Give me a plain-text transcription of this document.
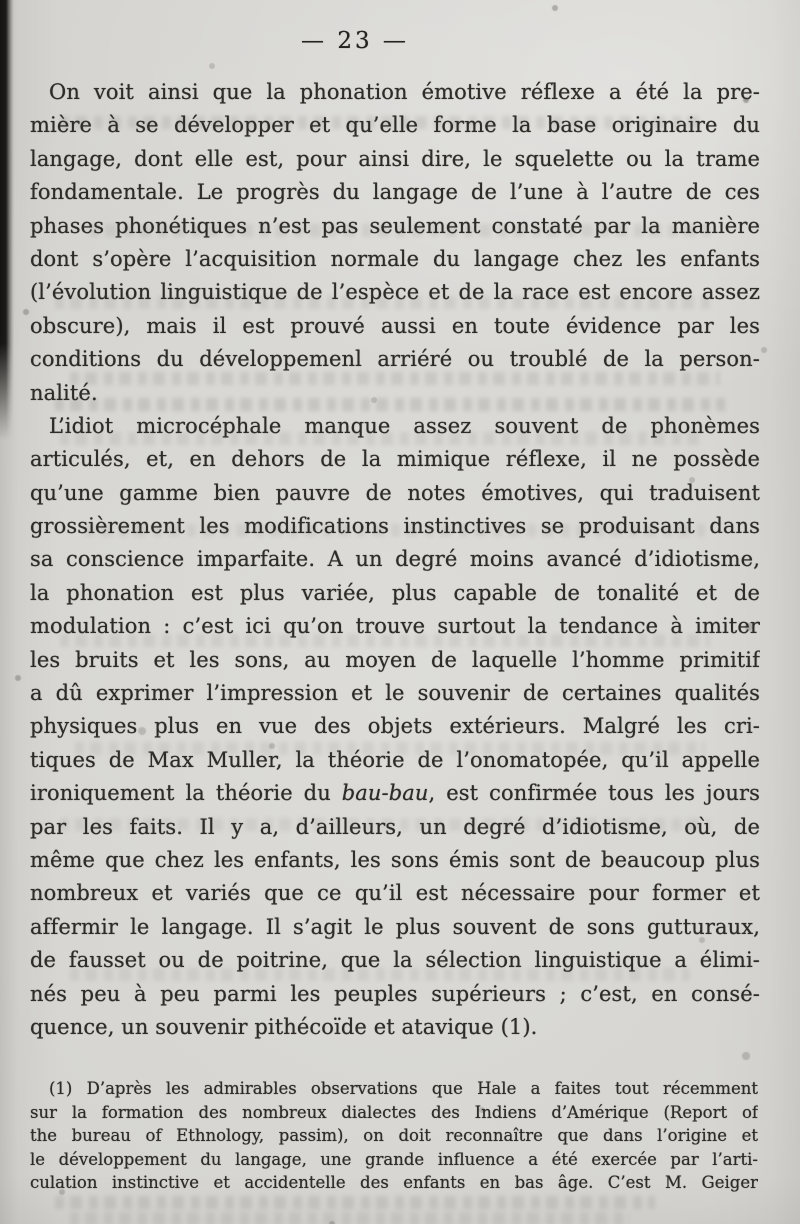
— 23 —
On voit ainsi que la phonation émotive réflexe a été la pre-
mière à se développer et qu’elle forme la base originaire du
langage, dont elle est, pour ainsi dire, le squelette ou la trame
fondamentale. Le progrès du langage de l’une à l’autre de ces
phases phonétiques n’est pas seulement constaté par la manière
dont s’opère l’acquisition normale du langage chez les enfants
(l’évolution linguistique de l’espèce et de la race est encore assez
obscure), mais il est prouvé aussi en toute évidence par les
conditions du développemenl arriéré ou troublé de la person-
nalité.
L’idiot microcéphale manque assez souvent de phonèmes
articulés, et, en dehors de la mimique réflexe, il ne possède
qu’une gamme bien pauvre de notes émotives, qui traduisent
grossièrement les modifications instinctives se produisant dans
sa conscience imparfaite. A un degré moins avancé d’idiotisme,
la phonation est plus variée, plus capable de tonalité et de
modulation : c’est ici qu’on trouve surtout la tendance à imiter
les bruits et les sons, au moyen de laquelle l’homme primitif
a dû exprimer l’impression et le souvenir de certaines qualités
physiques plus en vue des objets extérieurs. Malgré les cri-
tiques de Max Muller, la théorie de l’onomatopée, qu’il appelle
ironiquement la théorie du bau-bau, est confirmée tous les jours
par les faits. Il y a, d’ailleurs, un degré d’idiotisme, où, de
même que chez les enfants, les sons émis sont de beaucoup plus
nombreux et variés que ce qu’il est nécessaire pour former et
affermir le langage. Il s’agit le plus souvent de sons gutturaux,
de fausset ou de poitrine, que la sélection linguistique a élimi-
nés peu à peu parmi les peuples supérieurs ; c’est, en consé-
quence, un souvenir pithécoïde et atavique (1).
(1) D’après les admirables observations que Hale a faites tout récemment
sur la formation des nombreux dialectes des Indiens d’Amérique (Report of
the bureau of Ethnology, passim), on doit reconnaître que dans l’origine et
le développement du langage, une grande influence a été exercée par l’arti-
culation instinctive et accidentelle des enfants en bas âge. C’est M. Geiger
